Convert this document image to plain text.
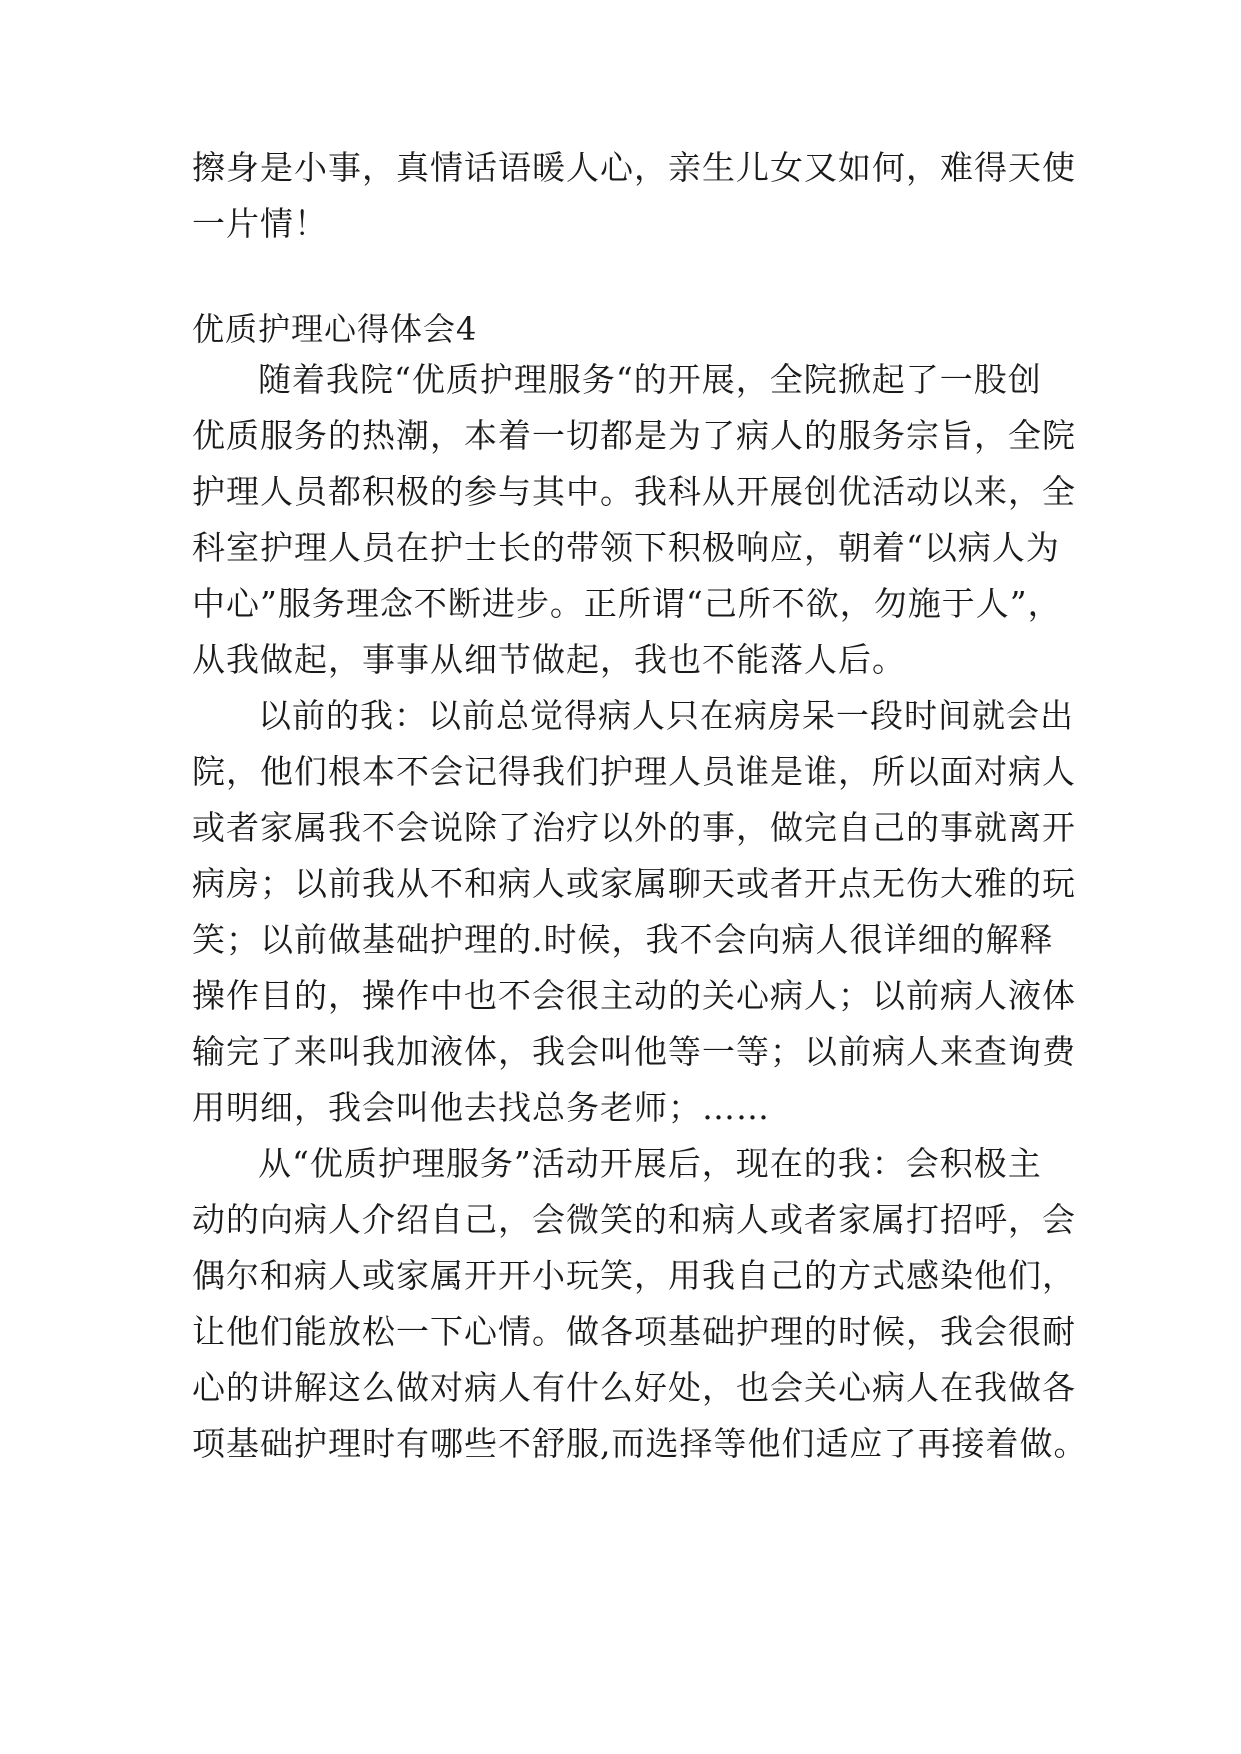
擦身是小事，真情话语暖人心，亲生儿女又如何，难得天使
一片情！
优质护理心得体会4
随着我院“优质护理服务“的开展，全院掀起了一股创
优质服务的热潮，本着一切都是为了病人的服务宗旨，全院
护理人员都积极的参与其中。我科从开展创优活动以来，全
科室护理人员在护士长的带领下积极响应，朝着“以病人为
中心”服务理念不断进步。正所谓“己所不欲，勿施于人”，
从我做起，事事从细节做起，我也不能落人后。
以前的我：以前总觉得病人只在病房呆一段时间就会出
院，他们根本不会记得我们护理人员谁是谁，所以面对病人
或者家属我不会说除了治疗以外的事，做完自己的事就离开
病房；以前我从不和病人或家属聊天或者开点无伤大雅的玩
笑；以前做基础护理的.时候，我不会向病人很详细的解释
操作目的，操作中也不会很主动的关心病人；以前病人液体
输完了来叫我加液体，我会叫他等一等；以前病人来查询费
用明细，我会叫他去找总务老师；……
从“优质护理服务”活动开展后，现在的我：会积极主
动的向病人介绍自己，会微笑的和病人或者家属打招呼，会
偶尔和病人或家属开开小玩笑，用我自己的方式感染他们，
让他们能放松一下心情。做各项基础护理的时候，我会很耐
心的讲解这么做对病人有什么好处，也会关心病人在我做各
项基础护理时有哪些不舒服,而选择等他们适应了再接着做。
